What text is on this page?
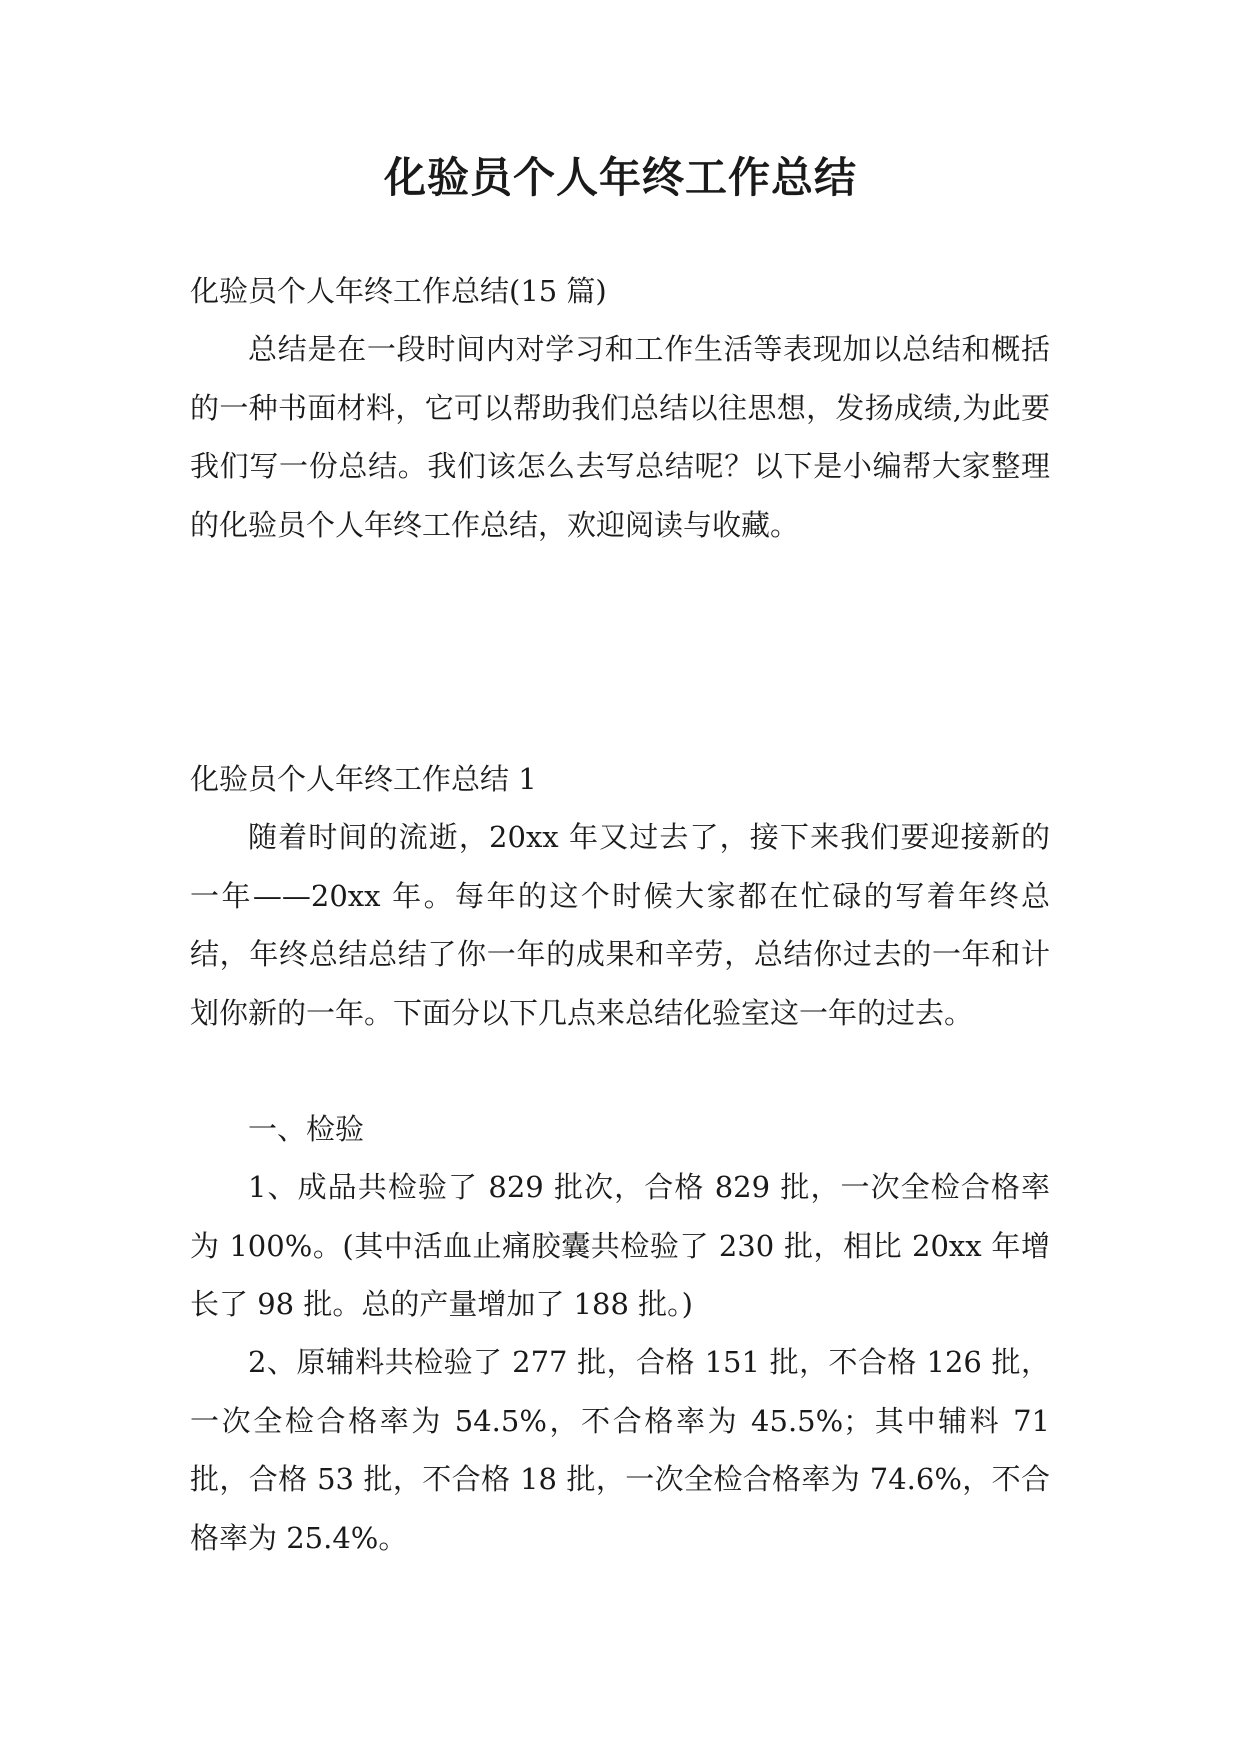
化验员个人年终工作总结

化验员个人年终工作总结(15 篇)

总结是在一段时间内对学习和工作生活等表现加以总结和概括的一种书面材料，它可以帮助我们总结以往思想，发扬成绩,为此要我们写一份总结。我们该怎么去写总结呢？以下是小编帮大家整理的化验员个人年终工作总结，欢迎阅读与收藏。

化验员个人年终工作总结 1

随着时间的流逝，20xx 年又过去了，接下来我们要迎接新的一年——20xx 年。每年的这个时候大家都在忙碌的写着年终总结，年终总结总结了你一年的成果和辛劳，总结你过去的一年和计划你新的一年。下面分以下几点来总结化验室这一年的过去。

一、检验

1、成品共检验了 829 批次，合格 829 批，一次全检合格率为 100%。(其中活血止痛胶囊共检验了 230 批，相比 20xx 年增长了 98 批。总的产量增加了 188 批。)

2、原辅料共检验了 277 批，合格 151 批，不合格 126 批，一次全检合格率为 54.5%，不合格率为 45.5%；其中辅料 71 批，合格 53 批，不合格 18 批，一次全检合格率为 74.6%，不合格率为 25.4%。
